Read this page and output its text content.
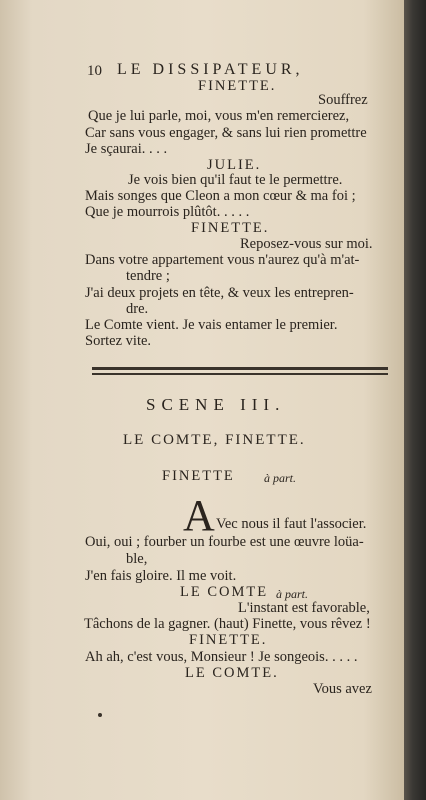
10 LE DISSIPATEUR,
FINETTE.
Souffrez
Que je lui parle, moi, vous m'en remercierez,
Car sans vous engager, & sans lui rien promettre
Je sçaurai. . . .
JULIE.
Je vois bien qu'il faut te le permettre.
Mais songes que Cleon a mon cœur & ma foi ;
Que je mourrois plûtôt. . . . .
FINETTE.
Reposez-vous sur moi.
Dans votre appartement vous n'aurez qu'à m'at-
tendre ;
J'ai deux projets en tête, & veux les entrepren-
dre.
Le Comte vient. Je vais entamer le premier.
Sortez vite.
SCENE III.
LE COMTE, FINETTE.
FINETTE à part.
A Vec nous il faut l'associer.
Oui, oui ; fourber un fourbe est une œuvre loüa-
ble,
J'en fais gloire. Il me voit.
LE COMTE à part.
L'instant est favorable,
Tâchons de la gagner. (haut) Finette, vous rêvez !
FINETTE.
Ah ah, c'est vous, Monsieur ! Je songeois. . . . .
LE COMTE.
Vous avez
